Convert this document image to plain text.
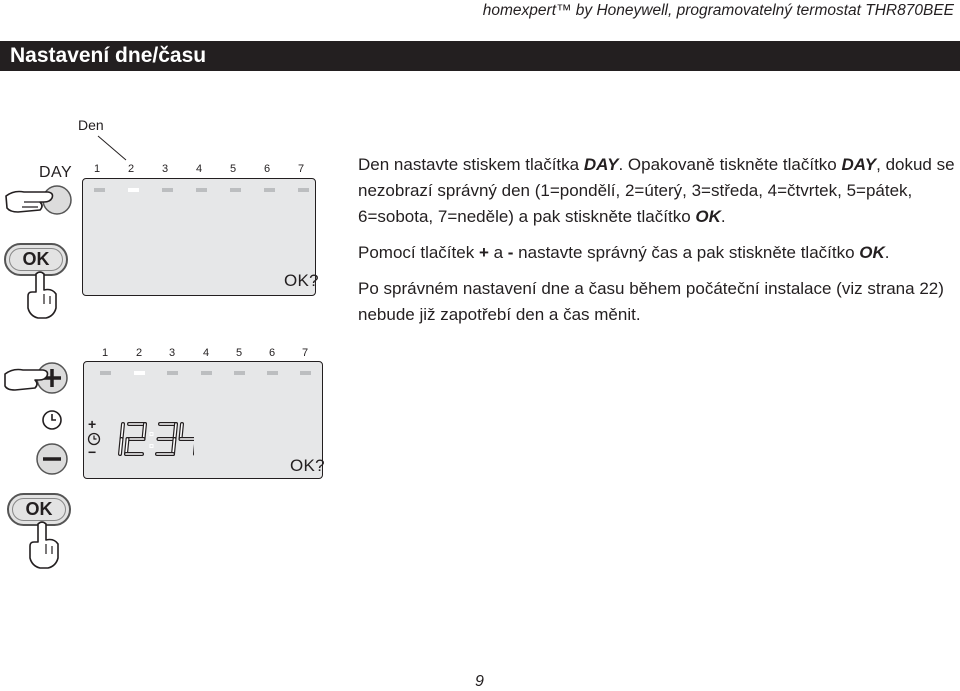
homexpert™ by Honeywell, programovatelný termostat THR870BEE
Nastavení dne/času
Den
DAY
OK
1	2	3	4	5	6	7
OK?
1	2	3	4	5	6	7
+
−
OK?
OK

Den nastavte stiskem tlačítka DAY. Opakovaně tiskněte tlačítko DAY, dokud se nezobrazí správný den (1=pondělí, 2=úterý, 3=středa, 4=čtvrtek, 5=pátek, 6=sobota, 7=neděle) a pak stiskněte tlačítko OK.

Pomocí tlačítek + a - nastavte správný čas a pak stiskněte tlačítko OK.

Po správném nastavení dne a času během počáteční instalace (viz strana 22) nebude již zapotřebí den a čas měnit.

9
